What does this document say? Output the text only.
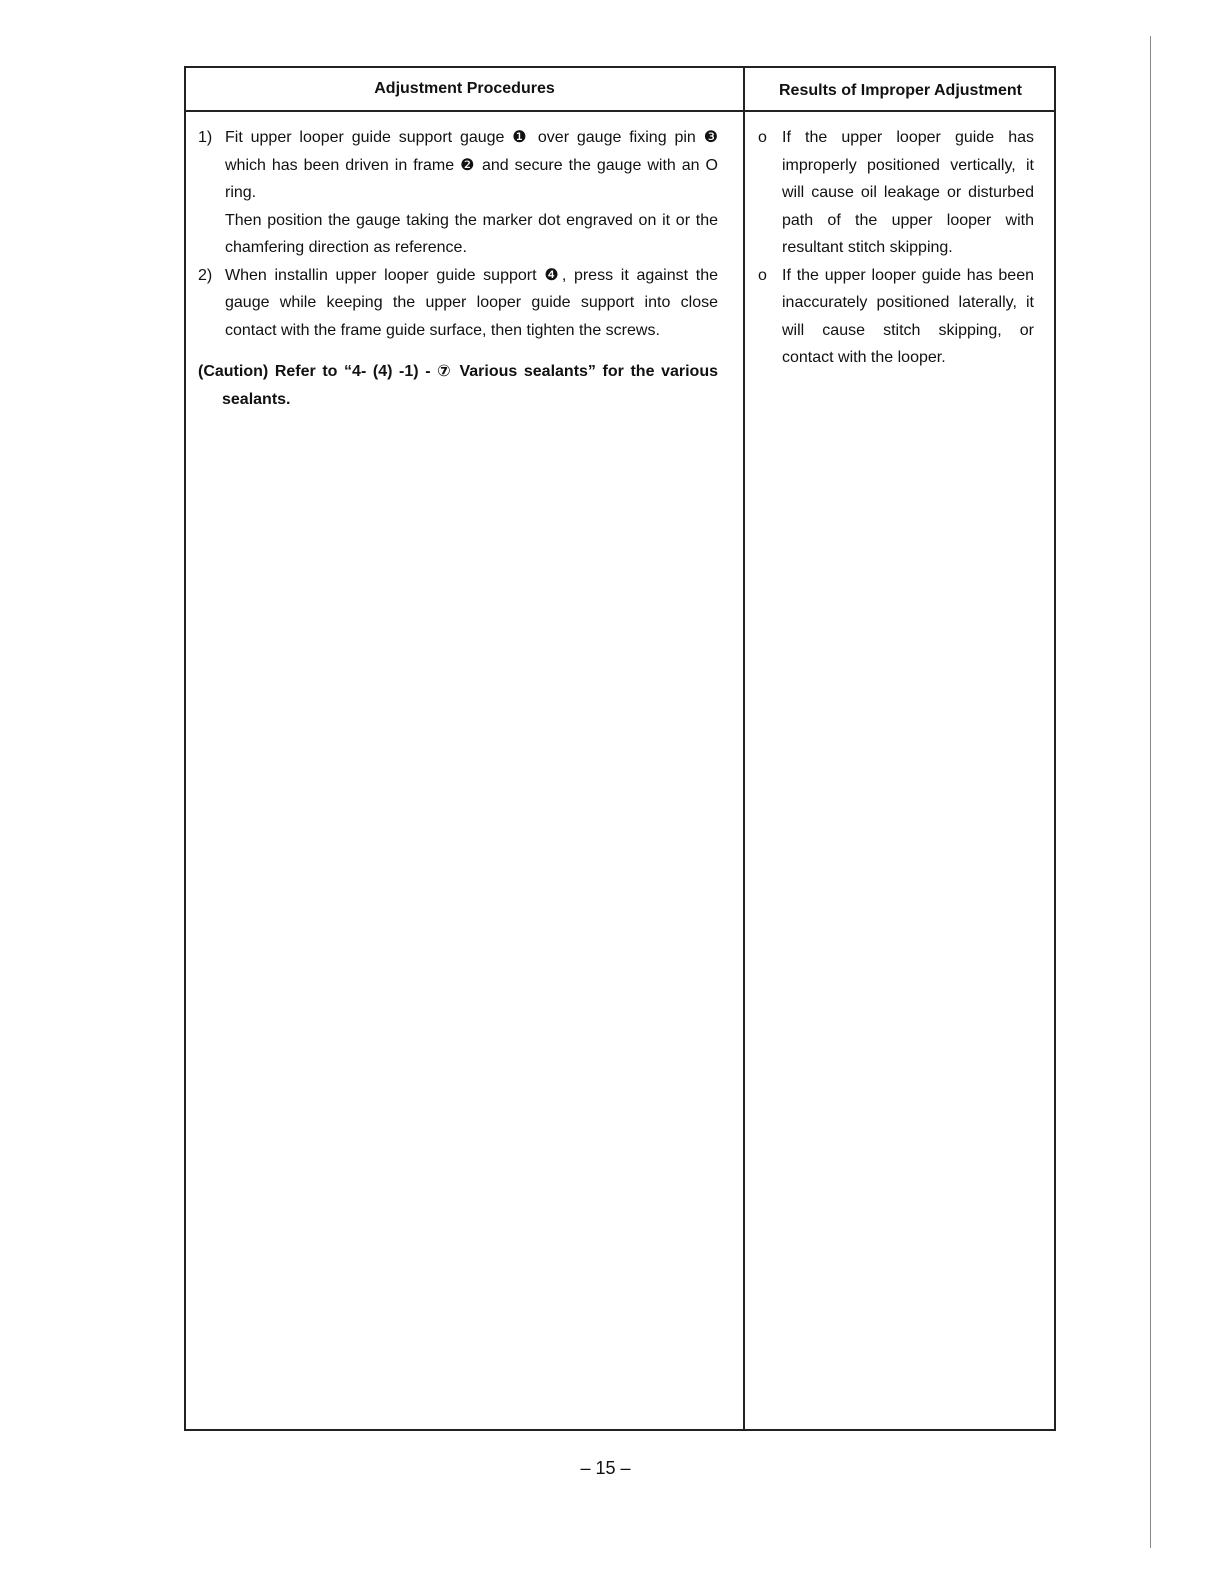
Adjustment Procedures	Results of Improper Adjustment
1) Fit upper looper guide support gauge ❶ over gauge fixing pin ❸ which has been driven in frame ❷ and secure the gauge with an O ring.
Then position the gauge taking the marker dot engraved on it or the chamfering direction as reference.
2) When installin upper looper guide support ❹, press it against the gauge while keeping the upper looper guide support into close contact with the frame guide surface, then tighten the screws.
(Caution) Refer to “4- (4) -1) - ⑦ Various sealants” for the various sealants.
o If the upper looper guide has improperly positioned vertically, it will cause oil leakage or disturbed path of the upper looper with resultant stitch skipping.
o If the upper looper guide has been inaccurately positioned laterally, it will cause stitch skipping, or contact with the looper.
– 15 –
